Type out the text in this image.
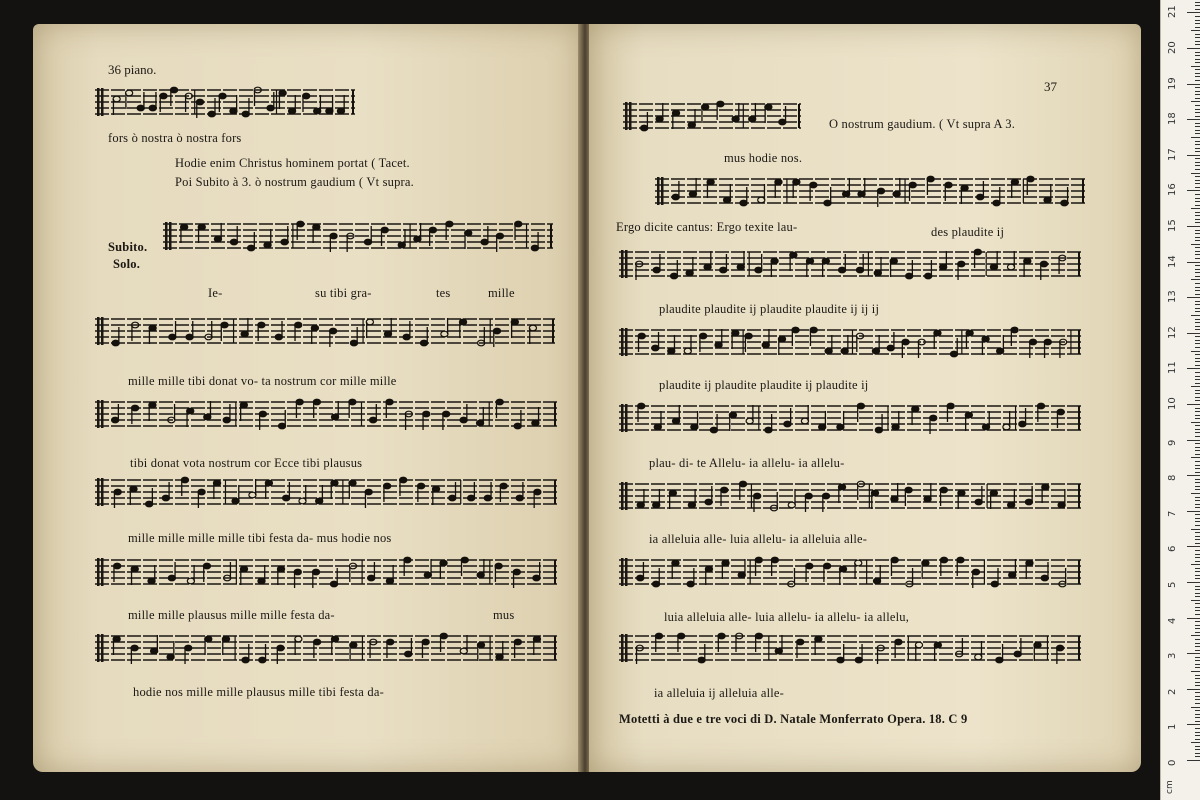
36 piano.
fors ò nostra ò nostra fors
Hodie enim Christus hominem portat ( Tacet.
Poi Subito à 3. ò nostrum gaudium ( Vt supra.
Subito.
Solo.
Ie-	su tibi gra-	tes	mille
mille mille tibi donat vo- ta nostrum cor mille mille
tibi donat vota nostrum cor Ecce tibi plausus
mille mille mille mille tibi festa da- mus hodie nos
mille mille plausus mille mille festa da-	mus
hodie nos mille mille plausus mille tibi festa da-
37
O nostrum gaudium. ( Vt supra A 3.
mus hodie nos.
Ergo dicite cantus: Ergo texite lau-	des plaudite ij
plaudite plaudite ij plaudite plaudite ij ij ij
plaudite ij plaudite plaudite ij plaudite ij
plau- di- te Allelu- ia allelu- ia allelu-
ia alleluia alle- luia allelu- ia alleluia alle-
luia alleluia alle- luia allelu- ia allelu- ia allelu,
ia alleluia ij alleluia alle-
Motetti à due e tre voci di D. Natale Monferrato Opera. 18. C 9
cm
0
1
2
3
4
5
6
7
8
9
10
11
12
13
14
15
16
17
18
19
20
21
